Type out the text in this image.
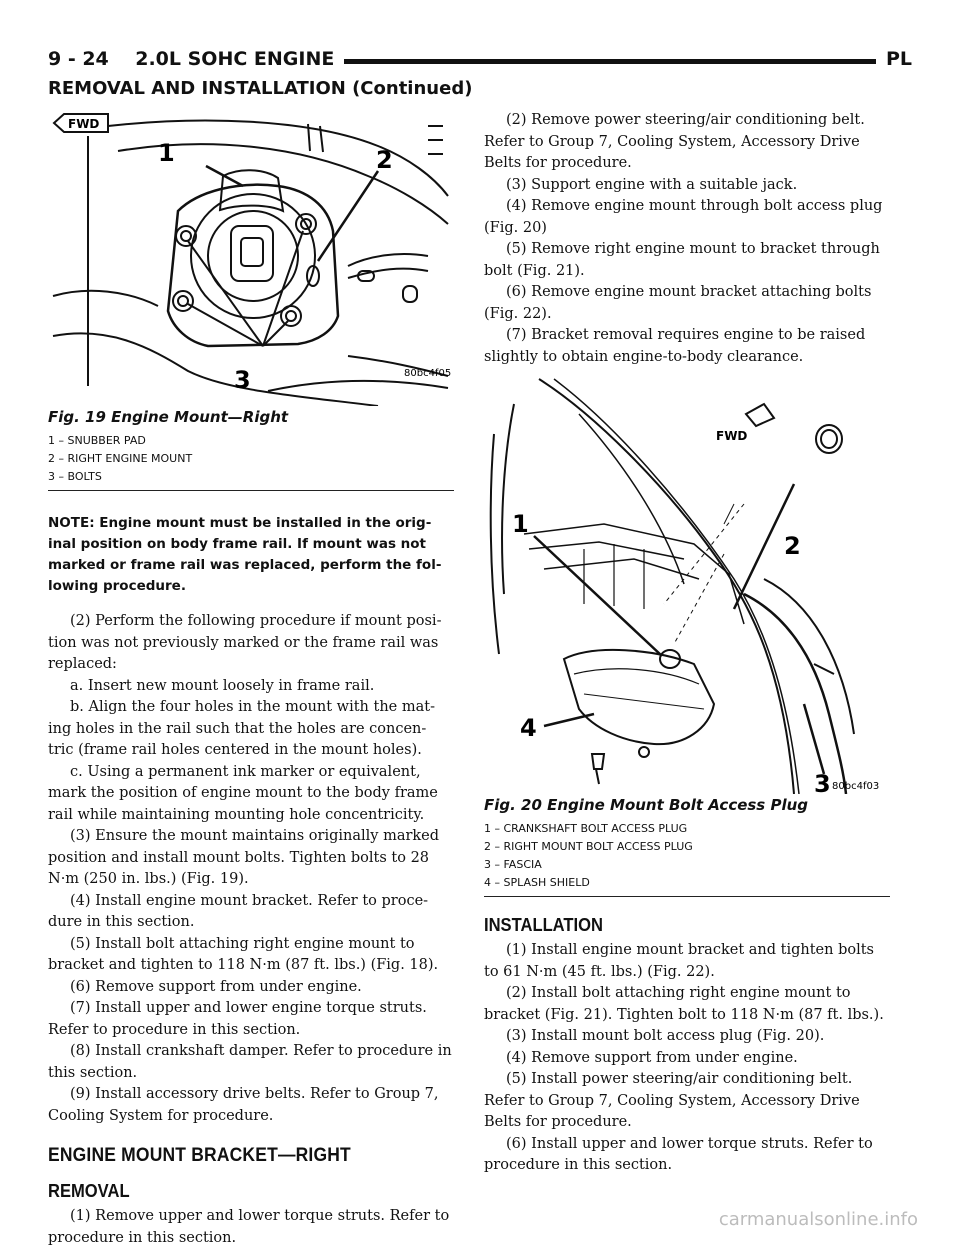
9 - 24    2.0L SOHC ENGINE	PL
REMOVAL AND INSTALLATION (Continued)
FWD
1	2
3	80bc4f05
Fig. 19 Engine Mount—Right
1 – SNUBBER PAD
2 – RIGHT ENGINE MOUNT
3 – BOLTS
NOTE: Engine mount must be installed in the orig- inal position on body frame rail. If mount was not marked or frame rail was replaced, perform the fol- lowing procedure.

(2) Perform the following procedure if mount posi- tion was not previously marked or the frame rail was replaced:

a. Insert new mount loosely in frame rail.

b. Align the four holes in the mount with the mat- ing holes in the rail such that the holes are concen- tric (frame rail holes centered in the mount holes).

c. Using a permanent ink marker or equivalent, mark the position of engine mount to the body frame rail while maintaining mounting hole concentricity.

(3) Ensure the mount maintains originally marked position and install mount bolts. Tighten bolts to 28 N·m (250 in. lbs.) (Fig. 19).

(4) Install engine mount bracket. Refer to proce- dure in this section.

(5) Install bolt attaching right engine mount to bracket and tighten to 118 N·m (87 ft. lbs.) (Fig. 18).

(6) Remove support from under engine.

(7) Install upper and lower engine torque struts. Refer to procedure in this section.

(8) Install crankshaft damper. Refer to procedure in this section.

(9) Install accessory drive belts. Refer to Group 7, Cooling System for procedure.

ENGINE MOUNT BRACKET—RIGHT
REMOVAL

(1) Remove upper and lower torque struts. Refer to procedure in this section.

(2) Remove power steering/air conditioning belt. Refer to Group 7, Cooling System, Accessory Drive Belts for procedure.

(3) Support engine with a suitable jack.

(4) Remove engine mount through bolt access plug (Fig. 20)

(5) Remove right engine mount to bracket through bolt (Fig. 21).

(6) Remove engine mount bracket attaching bolts (Fig. 22).

(7) Bracket removal requires engine to be raised slightly to obtain engine-to-body clearance.

FWD
1
2
3
4
80bc4f03
Fig. 20 Engine Mount Bolt Access Plug
1 – CRANKSHAFT BOLT ACCESS PLUG
2 – RIGHT MOUNT BOLT ACCESS PLUG
3 – FASCIA
4 – SPLASH SHIELD
INSTALLATION

(1) Install engine mount bracket and tighten bolts to 61 N·m (45 ft. lbs.) (Fig. 22).

(2) Install bolt attaching right engine mount to bracket (Fig. 21). Tighten bolt to 118 N·m (87 ft. lbs.).

(3) Install mount bolt access plug (Fig. 20).

(4) Remove support from under engine.

(5) Install power steering/air conditioning belt. Refer to Group 7, Cooling System, Accessory Drive Belts for procedure.

(6) Install upper and lower torque struts. Refer to procedure in this section.

carmanualsonline.info
